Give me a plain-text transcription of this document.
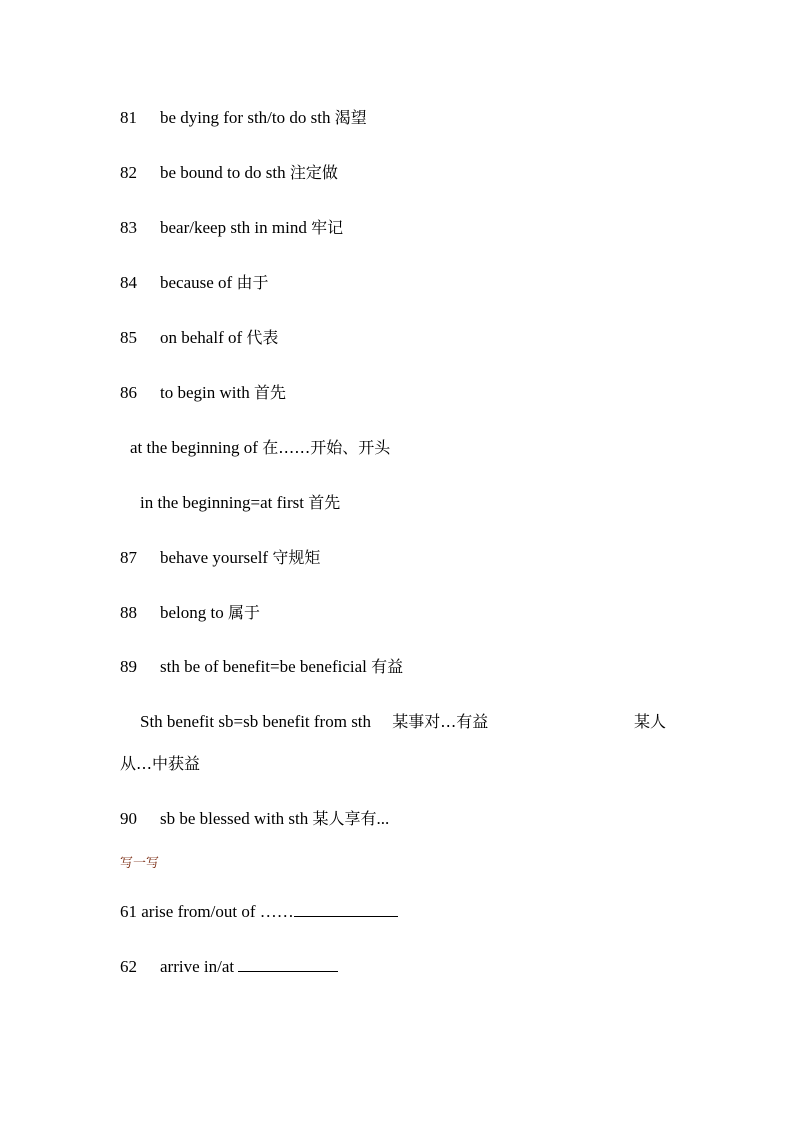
81 be dying for sth/to do sth 渴望
82 be bound to do sth 注定做
83 bear/keep sth in mind 牢记
84 because of 由于
85 on behalf of 代表
86 to begin with 首先
at the beginning of 在……开始、开头
in the beginning=at first 首先
87 behave yourself 守规矩
88 belong to 属于
89 sth be of benefit=be beneficial 有益
Sth benefit sb=sb benefit from sth     某事对…有益	某人
从…中获益
90 sb be blessed with sth 某人享有...
写一写
61 arise from/out of ……
62 arrive in/at
